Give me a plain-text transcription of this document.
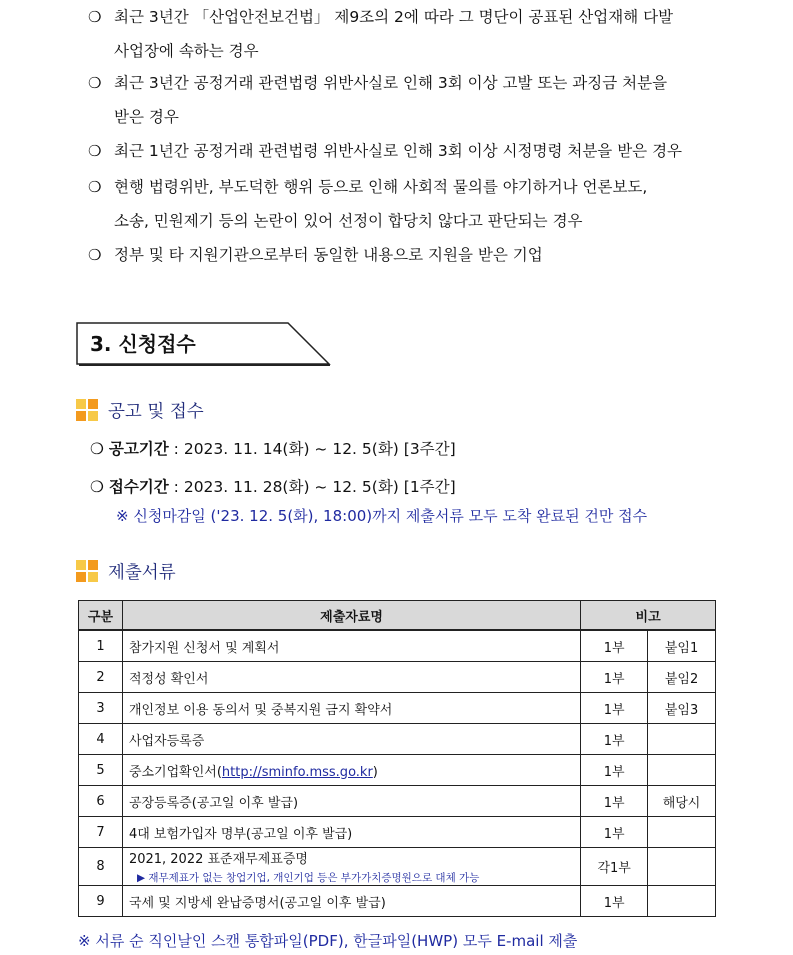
❍ 최근 3년간 「산업안전보건법」 제9조의 2에 따라 그 명단이 공표된 산업재해 다발
사업장에 속하는 경우
❍ 최근 3년간 공정거래 관련법령 위반사실로 인해 3회 이상 고발 또는 과징금 처분을
받은 경우
❍ 최근 1년간 공정거래 관련법령 위반사실로 인해 3회 이상 시정명령 처분을 받은 경우
❍ 현행 법령위반, 부도덕한 행위 등으로 인해 사회적 물의를 야기하거나 언론보도,
소송, 민원제기 등의 논란이 있어 선정이 합당치 않다고 판단되는 경우
❍ 정부 및 타 지원기관으로부터 동일한 내용으로 지원을 받은 기업
3. 신청접수
공고 및 접수
❍ 공고기간 : 2023. 11. 14(화) ~ 12. 5(화) [3주간]
❍ 접수기간 : 2023. 11. 28(화) ~ 12. 5(화) [1주간]
※ 신청마감일 ('23. 12. 5(화), 18:00)까지 제출서류 모두 도착 완료된 건만 접수
제출서류
구분	제출자료명	비고	
1	참가지원 신청서 및 계획서	1부	붙임1
2	적정성 확인서	1부	붙임2
3	개인정보 이용 동의서 및 중복지원 금지 확약서	1부	붙임3
4	사업자등록증	1부	
5	중소기업확인서(http://sminfo.mss.go.kr)	1부	
6	공장등록증(공고일 이후 발급)	1부	해당시
7	4대 보험가입자 명부(공고일 이후 발급)	1부	
8	2021, 2022 표준재무제표증명
▶ 재무제표가 없는 창업기업, 개인기업 등은 부가가치증명원으로 대체 가능	각1부	
9	국세 및 지방세 완납증명서(공고일 이후 발급)	1부	
※ 서류 순 직인날인 스캔 통합파일(PDF), 한글파일(HWP) 모두 E-mail 제출
